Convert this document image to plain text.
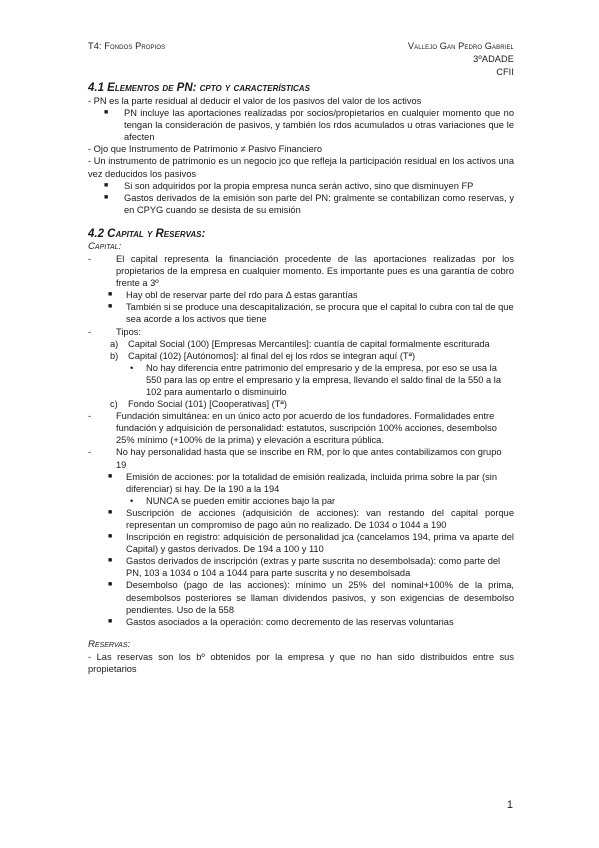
T4: Fondos Propios	Vallejo Gan Pedro Gabriel
3ºADADE
CFII
4.1 Elementos de PN: cpto y características

- PN es la parte residual al deducir el valor de los pasivos del valor de los activos

■	PN incluye las aportaciones realizadas por socios/propietarios en cualquier momento que no tengan la consideración de pasivos, y también los rdos acumulados u otras variaciones que le afecten

- Ojo que Instrumento de Patrimonio ≠ Pasivo Financiero

- Un instrumento de patrimonio es un negocio jco que refleja la participación residual en los activos una vez deducidos los pasivos

■	Si son adquiridos por la propia empresa nunca serán activo, sino que disminuyen FP
■	Gastos derivados de la emisión son parte del PN: gralmente se contabilizan como reservas, y en CPYG cuando se desista de su emisión
4.2 Capital y Reservas:

Capital:

-	El capital representa la financiación procedente de las aportaciones realizadas por los propietarios de la empresa en cualquier momento. Es importante pues es una garantía de cobro frente a 3º
■	Hay obl de reservar parte del rdo para Δ estas garantías
■	También si se produce una descapitalización, se procura que el capital lo cubra con tal de que sea acorde a los activos que tiene
-	Tipos:
a)	Capital Social (100) [Empresas Mercantiles]: cuantía de capital formalmente escriturada
b)	Capital (102) [Autónomos]: al final del ej los rdos se integran aquí (Tª)
•	No hay diferencia entre patrimonio del empresario y de la empresa, por eso se usa la 550 para las op entre el empresario y la empresa, llevando el saldo final de la 550 a la 102 para aumentarlo o disminuirlo
c)	Fondo Social (101) [Cooperativas] (Tª)
-	Fundación simultánea: en un único acto por acuerdo de los fundadores. Formalidades entre fundación y adquisición de personalidad: estatutos, suscripción 100% acciones, desembolso 25% mínimo (+100% de la prima) y elevación a escritura pública.
-	No hay personalidad hasta que se inscribe en RM, por lo que antes contabilizamos con grupo 19
■	Emisión de acciones: por la totalidad de emisión realizada, incluida prima sobre la par (sin diferenciar) si hay. De la 190 a la 194
•	NUNCA se pueden emitir acciones bajo la par
■	Suscripción de acciones (adquisición de acciones): van restando del capital porque representan un compromiso de pago aún no realizado. De 1034 o 1044 a 190
■	Inscripción en registro: adquisición de personalidad jca (cancelamos 194, prima va aparte del Capital) y gastos derivados. De 194 a 100 y 110
■	Gastos derivados de inscripción (extras y parte suscrita no desembolsada): como parte del PN, 103 a 1034 o 104 a 1044 para parte suscrita y no desembolsada
■	Desembolso (pago de las acciones): mínimo un 25% del nominal+100% de la prima, desembolsos posteriores se llaman dividendos pasivos, y son exigencias de desembolso pendientes. Uso de la 558
■	Gastos asociados a la operación: como decremento de las reservas voluntarias

Reservas:

- Las reservas son los bº obtenidos por la empresa y que no han sido distribuidos entre sus propietarios

1
